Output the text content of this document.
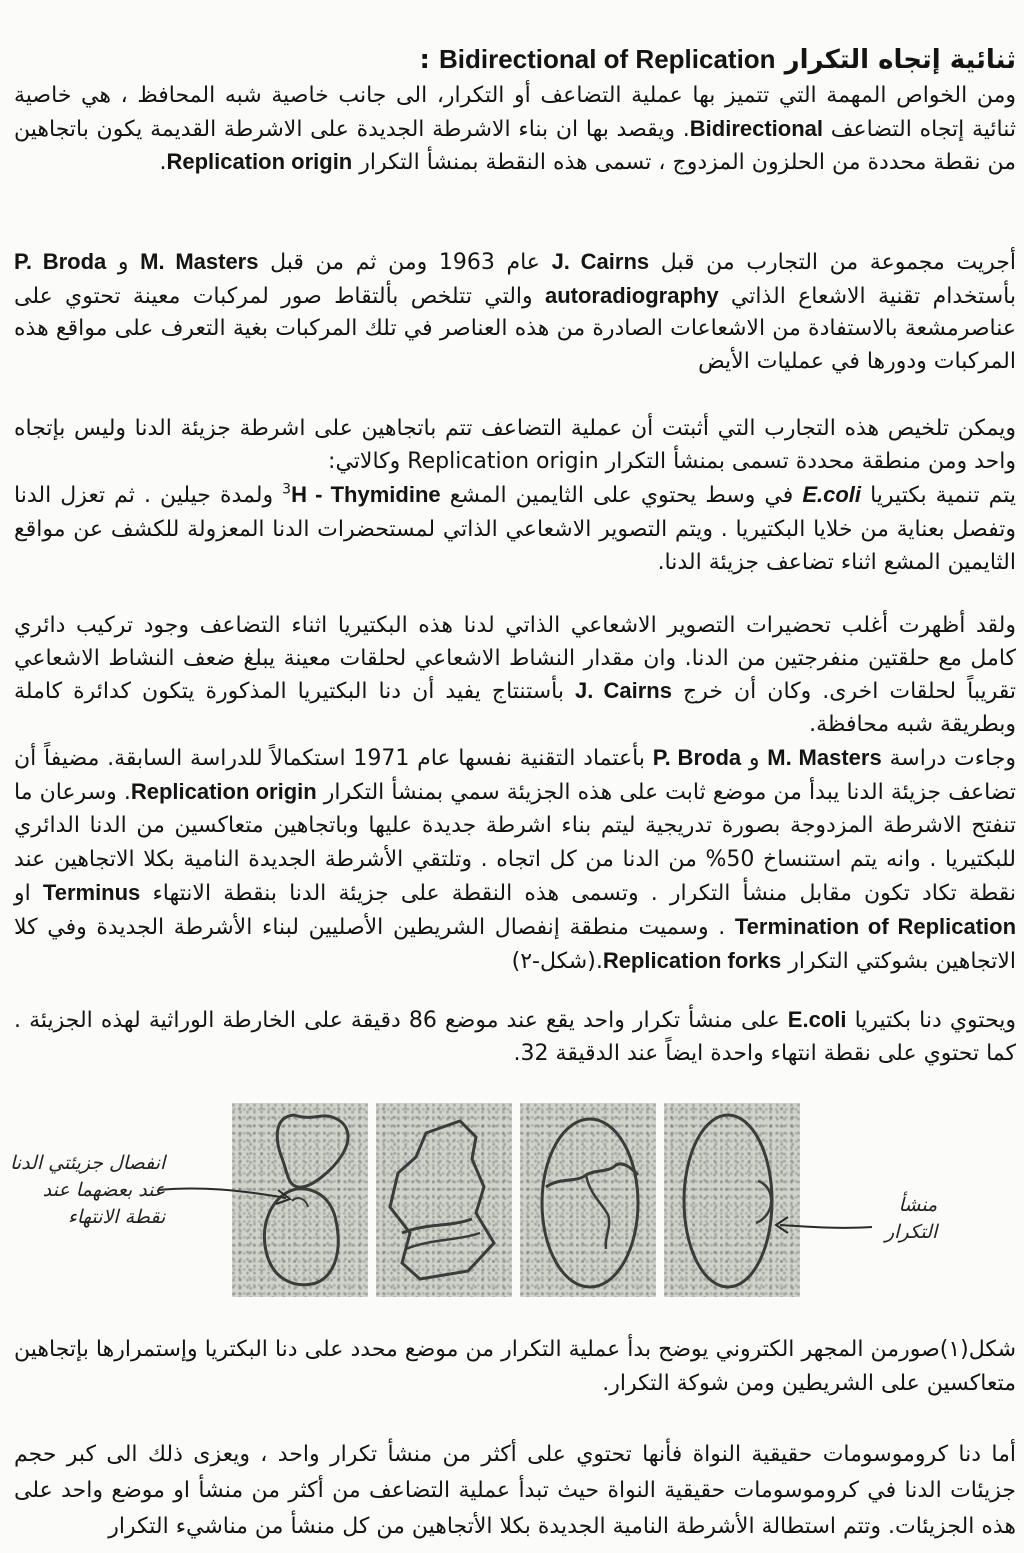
ثنائية إتجاه التكرار Bidirectional of Replication :

ومن الخواص المهمة التي تتميز بها عملية التضاعف أو التكرار، الى جانب خاصية شبه المحافظ ، هي خاصية ثنائية إتجاه التضاعف Bidirectional. ويقصد بها ان بناء الاشرطة الجديدة على الاشرطة القديمة يكون باتجاهين من نقطة محددة من الحلزون المزدوج ، تسمى هذه النقطة بمنشأ التكرار Replication origin.

أجريت مجموعة من التجارب من قبل J. Cairns عام 1963 ومن ثم من قبل M. Masters و P. Broda بأستخدام تقنية الاشعاع الذاتي autoradiography والتي تتلخص بألتقاط صور لمركبات معينة تحتوي على عناصرمشعة بالاستفادة من الاشعاعات الصادرة من هذه العناصر في تلك المركبات بغية التعرف على مواقع هذه المركبات ودورها في عمليات الأيض

ويمكن تلخيص هذه التجارب التي أثبتت أن عملية التضاعف تتم باتجاهين على اشرطة جزيئة الدنا وليس بإتجاه واحد ومن منطقة محددة تسمى بمنشأ التكرار Replication origin وكالاتي:
يتم تنمية بكتيريا E.coli في وسط يحتوي على الثايمين المشع $^3$H - Thymidine ولمدة جيلين . ثم تعزل الدنا وتفصل بعناية من خلايا البكتيريا . ويتم التصوير الاشعاعي الذاتي لمستحضرات الدنا المعزولة للكشف عن مواقع الثايمين المشع اثناء تضاعف جزيئة الدنا.

ولقد أظهرت أغلب تحضيرات التصوير الاشعاعي الذاتي لدنا هذه البكتيريا اثناء التضاعف وجود تركيب دائري كامل مع حلقتين منفرجتين من الدنا. وان مقدار النشاط الاشعاعي لحلقات معينة يبلغ ضعف النشاط الاشعاعي تقريباً لحلقات اخرى. وكان أن خرج J. Cairns بأستنتاج يفيد أن دنا البكتيريا المذكورة يتكون كدائرة كاملة وبطريقة شبه محافظة.

وجاءت دراسة M. Masters و P. Broda بأعتماد التقنية نفسها عام 1971 استكمالاً للدراسة السابقة. مضيفاً أن تضاعف جزيئة الدنا يبدأ من موضع ثابت على هذه الجزيئة سمي بمنشأ التكرار Replication origin. وسرعان ما تنفتح الاشرطة المزدوجة بصورة تدريجية ليتم بناء اشرطة جديدة عليها وباتجاهين متعاكسين من الدنا الدائري للبكتيريا . وانه يتم استنساخ 50% من الدنا من كل اتجاه . وتلتقي الأشرطة الجديدة النامية بكلا الاتجاهين عند نقطة تكاد تكون مقابل منشأ التكرار . وتسمى هذه النقطة على جزيئة الدنا بنقطة الانتهاء Terminus او Termination of Replication . وسميت منطقة إنفصال الشريطين الأصليين لبناء الأشرطة الجديدة وفي كلا الاتجاهين بشوكتي التكرار Replication forks.(شكل-٢)

ويحتوي دنا بكتيريا E.coli على منشأ تكرار واحد يقع عند موضع 86 دقيقة على الخارطة الوراثية لهذه الجزيئة . كما تحتوي على نقطة انتهاء واحدة ايضاً عند الدقيقة 32.

انفصال جزيئتي الدنا
عند بعضهما عند
نقطة الانتهاء
منشأ
التكرار

شكل(١)صورمن المجهر الكتروني يوضح بدأ عملية التكرار من موضع محدد على دنا البكتريا وإستمرارها بإتجاهين متعاكسين على الشريطين ومن شوكة التكرار.

أما دنا كروموسومات حقيقية النواة فأنها تحتوي على أكثر من منشأ تكرار واحد ، ويعزى ذلك الى كبر حجم جزيئات الدنا في كروموسومات حقيقية النواة حيث تبدأ عملية التضاعف من أكثر من منشأ او موضع واحد على هذه الجزيئات. وتتم استطالة الأشرطة النامية الجديدة بكلا الأتجاهين من كل منشأ من مناشيء التكرار
